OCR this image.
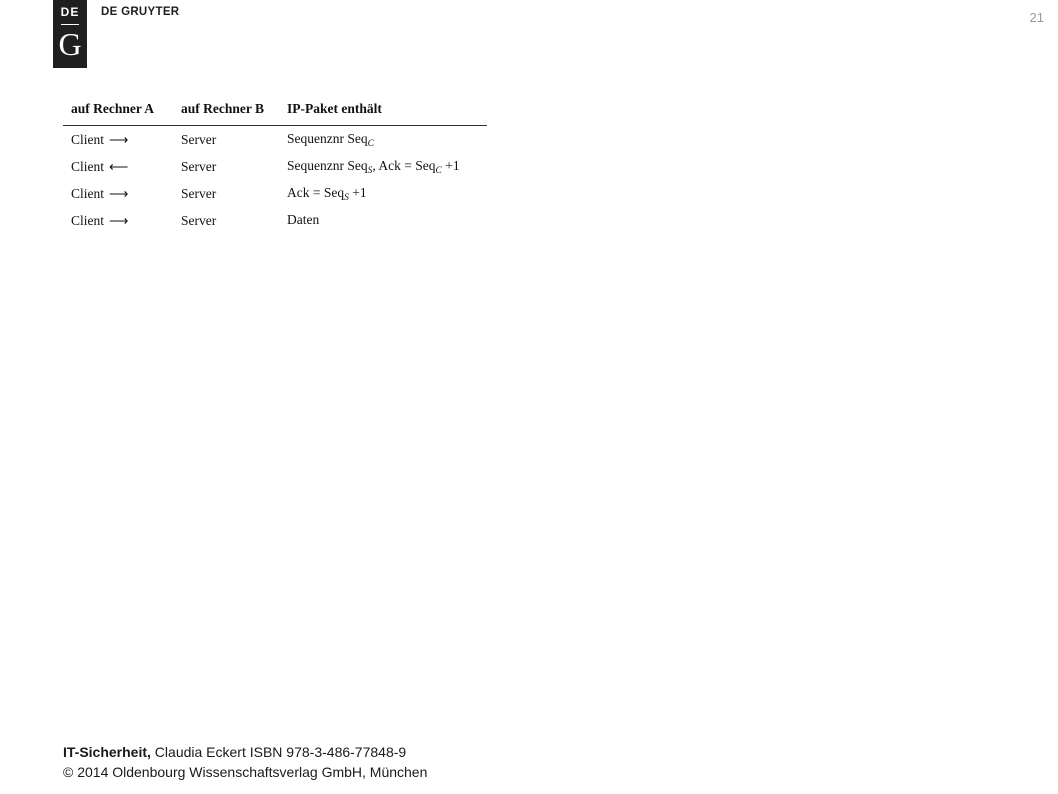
DE
G
DE GRUYTER	21
auf Rechner A	auf Rechner B	IP-Paket enthält
Client ⟶	Server	Sequenznr Seq$_C$
Client ⟵	Server	Sequenznr Seq$_S$, Ack = Seq$_C$ +1
Client ⟶	Server	Ack = Seq$_S$ +1
Client ⟶	Server	Daten
IT-Sicherheit, Claudia Eckert ISBN 978-3-486-77848-9
© 2014 Oldenbourg Wissenschaftsverlag GmbH, München
